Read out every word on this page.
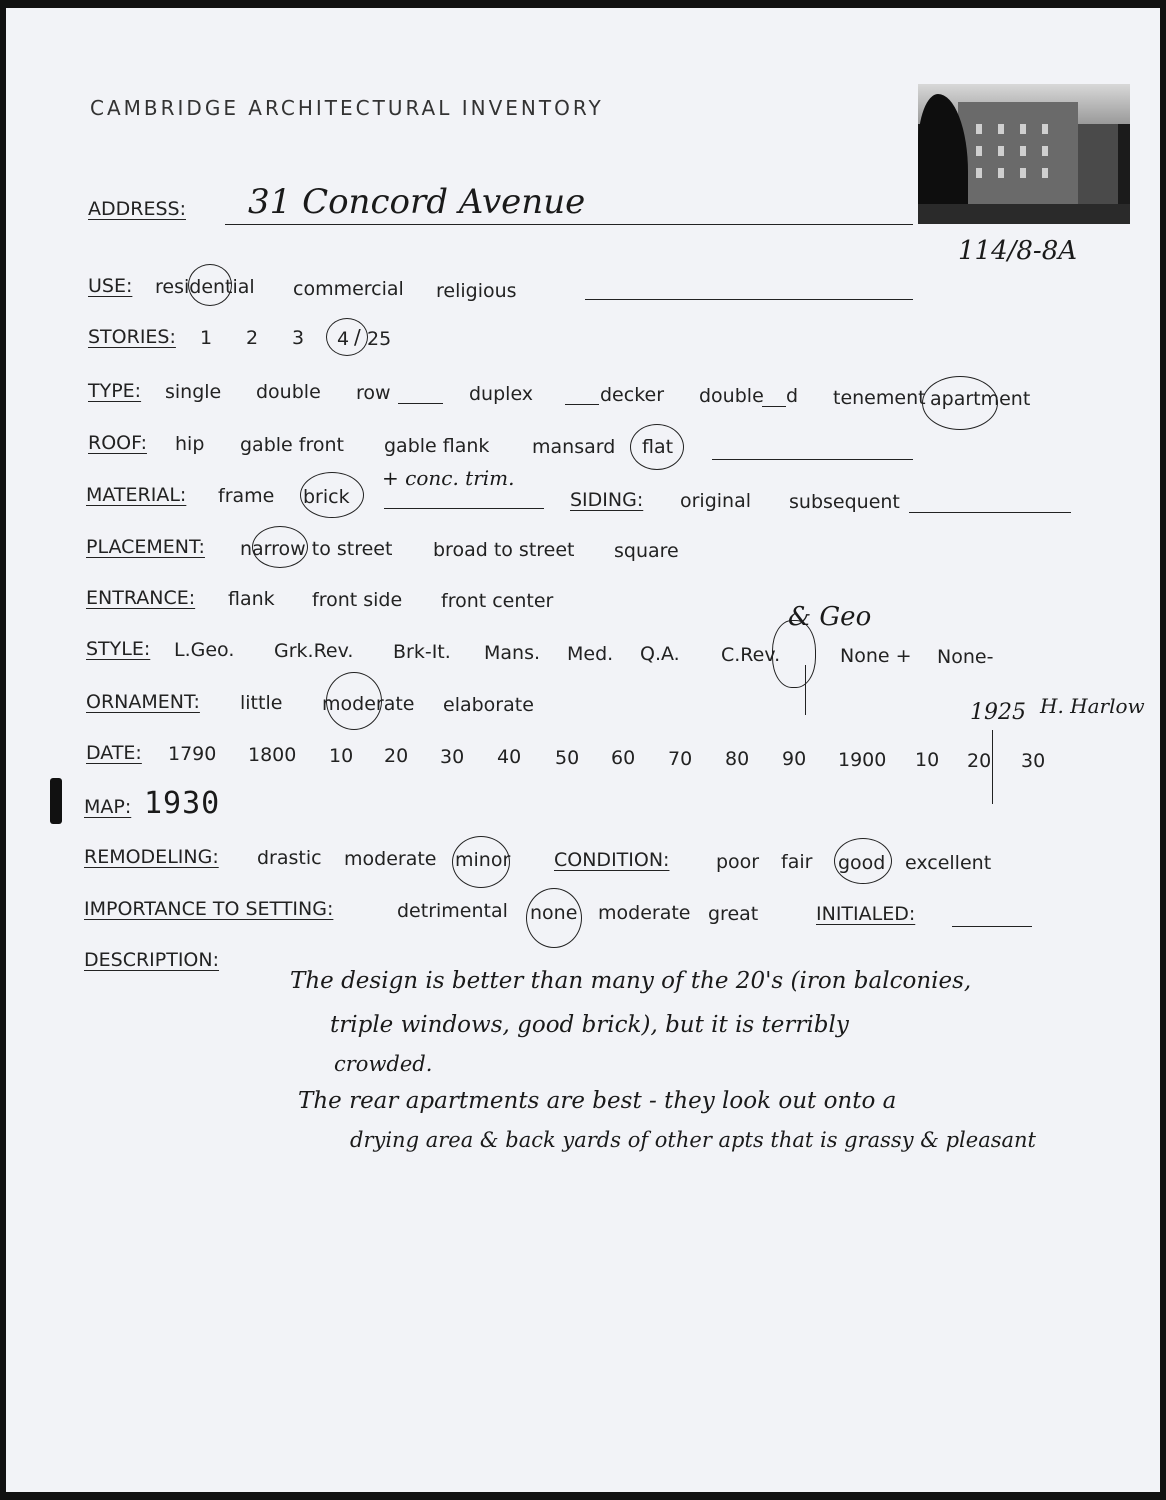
CAMBRIDGE ARCHITECTURAL INVENTORY
ADDRESS: 31 Concord Avenue
114/8-8A
USE: residential commercial religious
STORIES: 1 2 3 4 / 25
TYPE: single double row	duplex	decker double d tenement apartment
ROOF: hip gable front gable flank mansard flat
MATERIAL: frame brick
+ conc. trim.
SIDING: original subsequent
PLACEMENT: narrow to street broad to street square
ENTRANCE: flank front side front center
STYLE: L.Geo. Grk.Rev. Brk-It. Mans. Med. Q.A. C.Rev.
& Geo
None + None-
ORNAMENT: little moderate elaborate	1925 H. Harlow
DATE: 1790 1800 10 20 30 40 50 60 70 80 90 1900 10 20 30
MAP: 1930
REMODELING: drastic moderate minor CONDITION: poor fair good excellent
IMPORTANCE TO SETTING:	detrimental none moderate great	INITIALED:
DESCRIPTION:
The design is better than many of the 20's (iron balconies,
triple windows, good brick), but it is terribly
crowded.
The rear apartments are best - they look out onto a
drying area & back yards of other apts that is grassy & pleasant
